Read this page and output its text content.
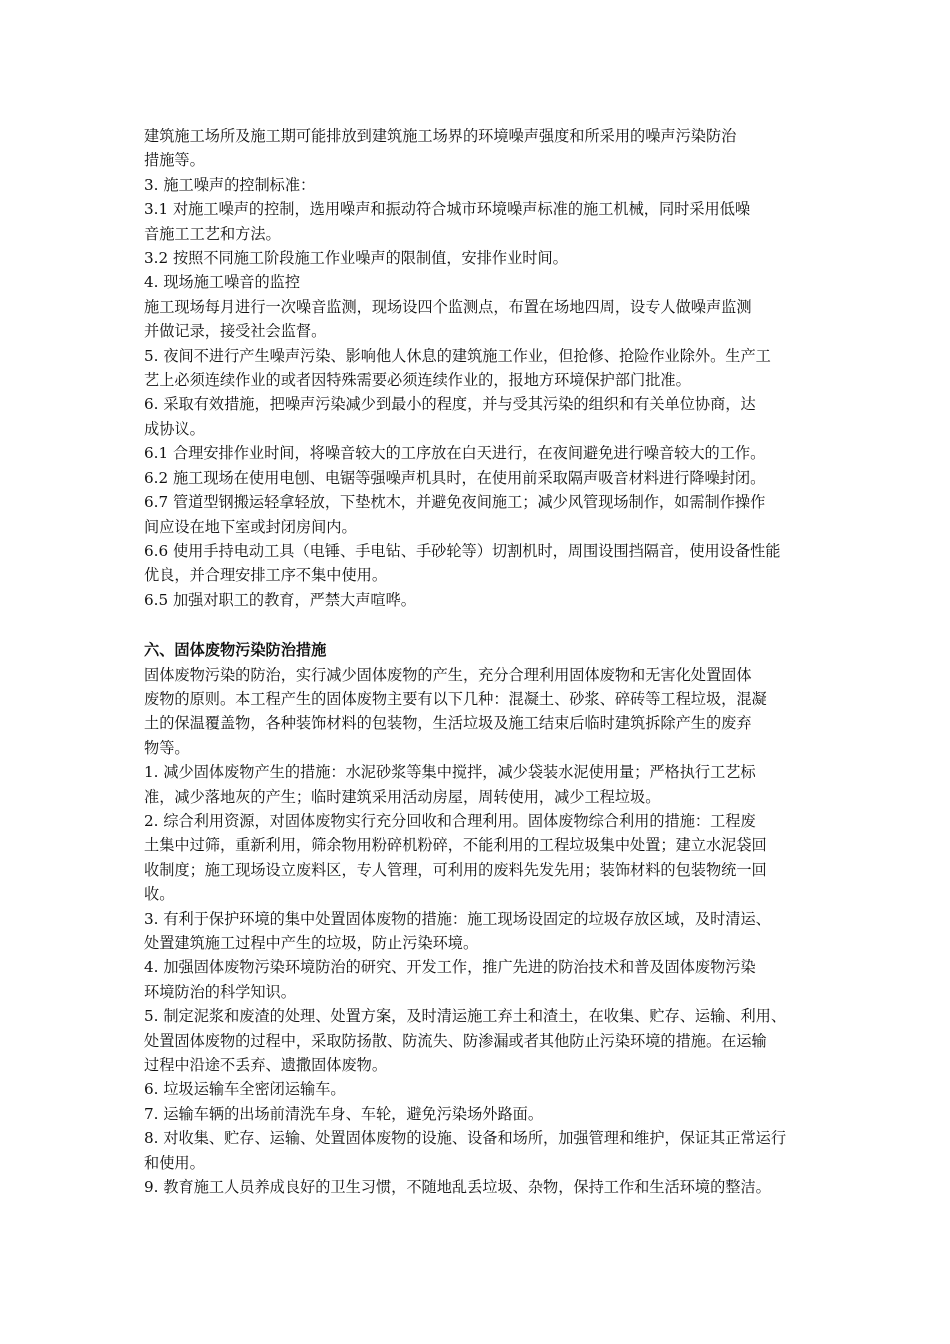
建筑施工场所及施工期可能排放到建筑施工场界的环境噪声强度和所采用的噪声污染防治

措施等。

3. 施工噪声的控制标准：

3.1 对施工噪声的控制，选用噪声和振动符合城市环境噪声标准的施工机械，同时采用低噪

音施工工艺和方法。

3.2 按照不同施工阶段施工作业噪声的限制值，安排作业时间。

4. 现场施工噪音的监控

施工现场每月进行一次噪音监测，现场设四个监测点，布置在场地四周，设专人做噪声监测

并做记录，接受社会监督。

5. 夜间不进行产生噪声污染、影响他人休息的建筑施工作业，但抢修、抢险作业除外。生产工

艺上必须连续作业的或者因特殊需要必须连续作业的，报地方环境保护部门批准。

6. 采取有效措施，把噪声污染减少到最小的程度，并与受其污染的组织和有关单位协商，达

成协议。

6.1 合理安排作业时间，将噪音较大的工序放在白天进行，在夜间避免进行噪音较大的工作。

6.2 施工现场在使用电刨、电锯等强噪声机具时，在使用前采取隔声吸音材料进行降噪封闭。

6.7 管道型钢搬运轻拿轻放，下垫枕木，并避免夜间施工；减少风管现场制作，如需制作操作

间应设在地下室或封闭房间内。

6.6 使用手持电动工具（电锤、手电钻、手砂轮等）切割机时，周围设围挡隔音，使用设备性能

优良，并合理安排工序不集中使用。

6.5 加强对职工的教育，严禁大声喧哗。

六、固体废物污染防治措施

固体废物污染的防治，实行减少固体废物的产生，充分合理利用固体废物和无害化处置固体

废物的原则。本工程产生的固体废物主要有以下几种：混凝土、砂浆、碎砖等工程垃圾，混凝

土的保温覆盖物，各种装饰材料的包装物，生活垃圾及施工结束后临时建筑拆除产生的废弃

物等。

1. 减少固体废物产生的措施：水泥砂浆等集中搅拌，减少袋装水泥使用量；严格执行工艺标

准，减少落地灰的产生；临时建筑采用活动房屋，周转使用，减少工程垃圾。

2. 综合利用资源，对固体废物实行充分回收和合理利用。固体废物综合利用的措施：工程废

土集中过筛，重新利用，筛余物用粉碎机粉碎，不能利用的工程垃圾集中处置；建立水泥袋回

收制度；施工现场设立废料区，专人管理，可利用的废料先发先用；装饰材料的包装物统一回

收。

3. 有利于保护环境的集中处置固体废物的措施：施工现场设固定的垃圾存放区域，及时清运、

处置建筑施工过程中产生的垃圾，防止污染环境。

4. 加强固体废物污染环境防治的研究、开发工作，推广先进的防治技术和普及固体废物污染

环境防治的科学知识。

5. 制定泥浆和废渣的处理、处置方案，及时清运施工弃土和渣土，在收集、贮存、运输、利用、

处置固体废物的过程中，采取防扬散、防流失、防渗漏或者其他防止污染环境的措施。在运输

过程中沿途不丢弃、遗撒固体废物。

6. 垃圾运输车全密闭运输车。

7. 运输车辆的出场前清洗车身、车轮，避免污染场外路面。

8. 对收集、贮存、运输、处置固体废物的设施、设备和场所，加强管理和维护，保证其正常运行

和使用。

9. 教育施工人员养成良好的卫生习惯，不随地乱丢垃圾、杂物，保持工作和生活环境的整洁。
